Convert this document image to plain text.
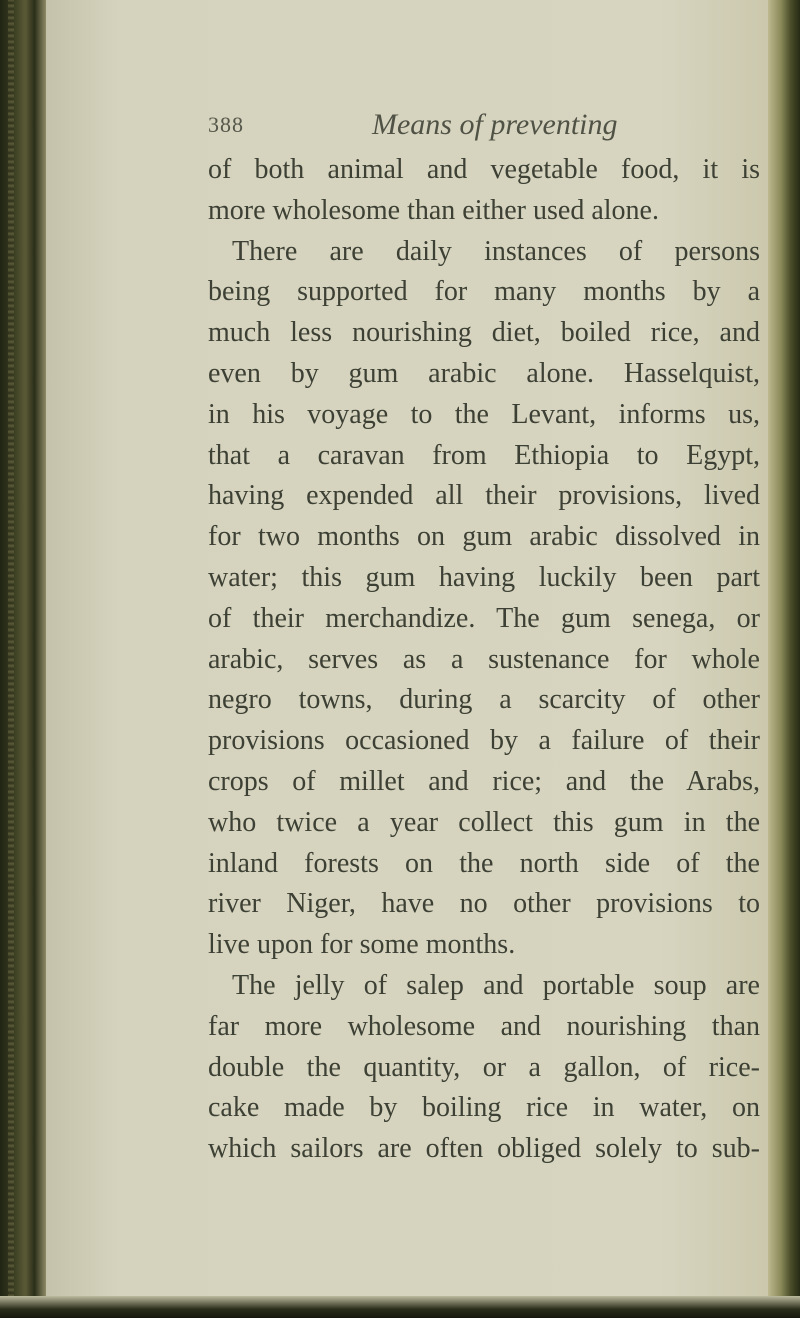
388	Means of preventing
of both animal and vegetable food, it is
more wholesome than either used alone.
There are daily instances of persons
being supported for many months by a
much less nourishing diet, boiled rice, and
even by gum arabic alone. Hasselquist,
in his voyage to the Levant, informs us,
that a caravan from Ethiopia to Egypt,
having expended all their provisions, lived
for two months on gum arabic dissolved in
water; this gum having luckily been part
of their merchandize. The gum senega, or
arabic, serves as a sustenance for whole
negro towns, during a scarcity of other
provisions occasioned by a failure of their
crops of millet and rice; and the Arabs,
who twice a year collect this gum in the
inland forests on the north side of the
river Niger, have no other provisions to
live upon for some months.
The jelly of salep and portable soup are
far more wholesome and nourishing than
double the quantity, or a gallon, of rice-
cake made by boiling rice in water, on
which sailors are often obliged solely to sub-
